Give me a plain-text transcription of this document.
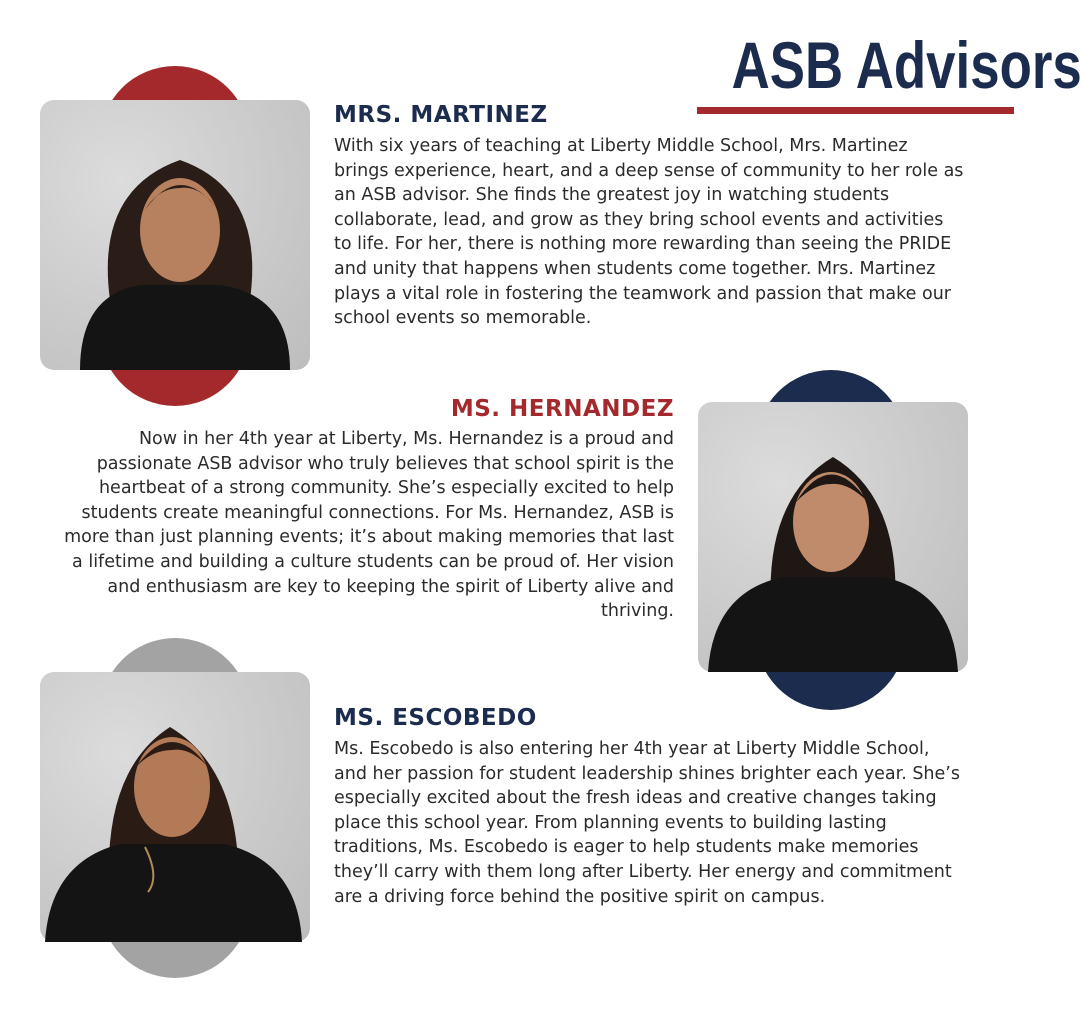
ASB Advisors
MRS. MARTINEZ

With six years of teaching at Liberty Middle School, Mrs. Martinez brings experience, heart, and a deep sense of community to her role as an ASB advisor. She finds the greatest joy in watching students collaborate, lead, and grow as they bring school events and activities to life. For her, there is nothing more rewarding than seeing the PRIDE and unity that happens when students come together. Mrs. Martinez plays a vital role in fostering the teamwork and passion that make our school events so memorable.

MS. HERNANDEZ

Now in her 4th year at Liberty, Ms. Hernandez is a proud and passionate ASB advisor who truly believes that school spirit is the heartbeat of a strong community. She’s especially excited to help students create meaningful connections. For Ms. Hernandez, ASB is more than just planning events; it’s about making memories that last a lifetime and building a culture students can be proud of. Her vision and enthusiasm are key to keeping the spirit of Liberty alive and thriving.

MS. ESCOBEDO

Ms. Escobedo is also entering her 4th year at Liberty Middle School, and her passion for student leadership shines brighter each year. She’s especially excited about the fresh ideas and creative changes taking place this school year. From planning events to building lasting traditions, Ms. Escobedo is eager to help students make memories they’ll carry with them long after Liberty. Her energy and commitment are a driving force behind the positive spirit on campus.
